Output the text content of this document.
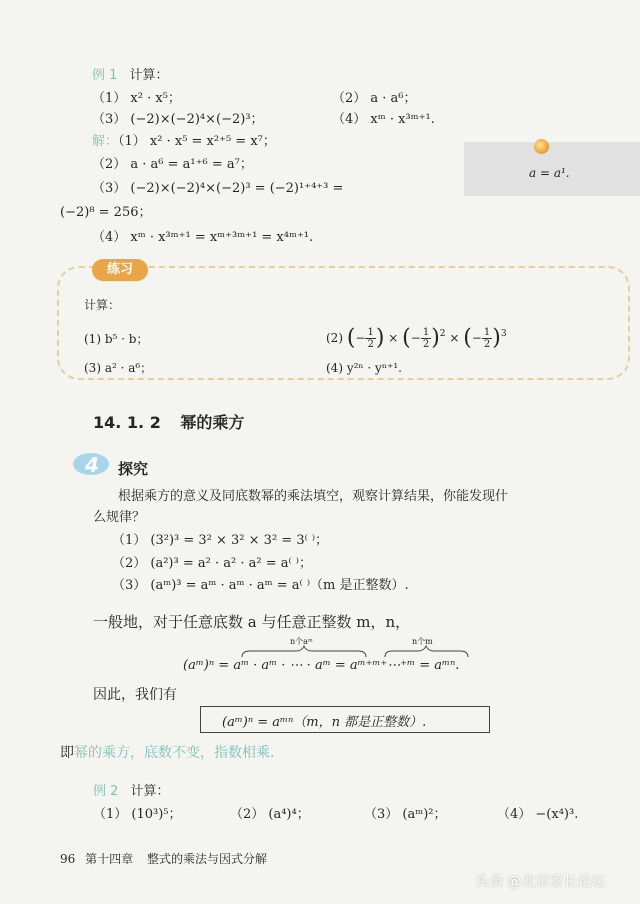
例 1 计算：
（1） x² · x⁵；	（2） a · a⁶；
（3） (−2)×(−2)⁴×(−2)³；	（4） xᵐ · x³ᵐ⁺¹.
解：（1） x² · x⁵ = x²⁺⁵ = x⁷；
（2） a · a⁶ = a¹⁺⁶ = a⁷；
（3） (−2)×(−2)⁴×(−2)³ = (−2)¹⁺⁴⁺³ =
(−2)⁸ = 256；
（4） xᵐ · x³ᵐ⁺¹ = xᵐ⁺³ᵐ⁺¹ = x⁴ᵐ⁺¹.
a = a¹.
练习
计算：
(1) b⁵ · b；	(2) (− $\frac{1}{2}$ ) × (− $\frac{1}{2} )^2$ × (− $\frac{1}{2} )^3$
(3) a² · a⁶；	(4) y²ⁿ · yⁿ⁺¹.
14. 1. 2 幂的乘方
4 探究
根据乘方的意义及同底数幂的乘法填空，观察计算结果，你能发现什
么规律？
（1） (3²)³ = 3² × 3² × 3² = 3⁽ ⁾；
（2） (a²)³ = a² · a² · a² = a⁽ ⁾；
（3） (aᵐ)³ = aᵐ · aᵐ · aᵐ = a⁽ ⁾（m 是正整数）.
一般地，对于任意底数 a 与任意正整数 m，n，
n个aᵐ	n个m
(aᵐ)ⁿ = aᵐ · aᵐ · ⋯ · aᵐ = aᵐ⁺ᵐ⁺⋯⁺ᵐ = aᵐⁿ.
因此，我们有
(aᵐ)ⁿ = aᵐⁿ（m，n 都是正整数）.
即幂的乘方，底数不变，指数相乘.
例 2 计算：
（1） (10³)⁵；	（2） (a⁴)⁴；	（3） (aᵐ)²；	（4） −(x⁴)³.
96 第十四章 整式的乘法与因式分解
头条 @北京家长论坛
